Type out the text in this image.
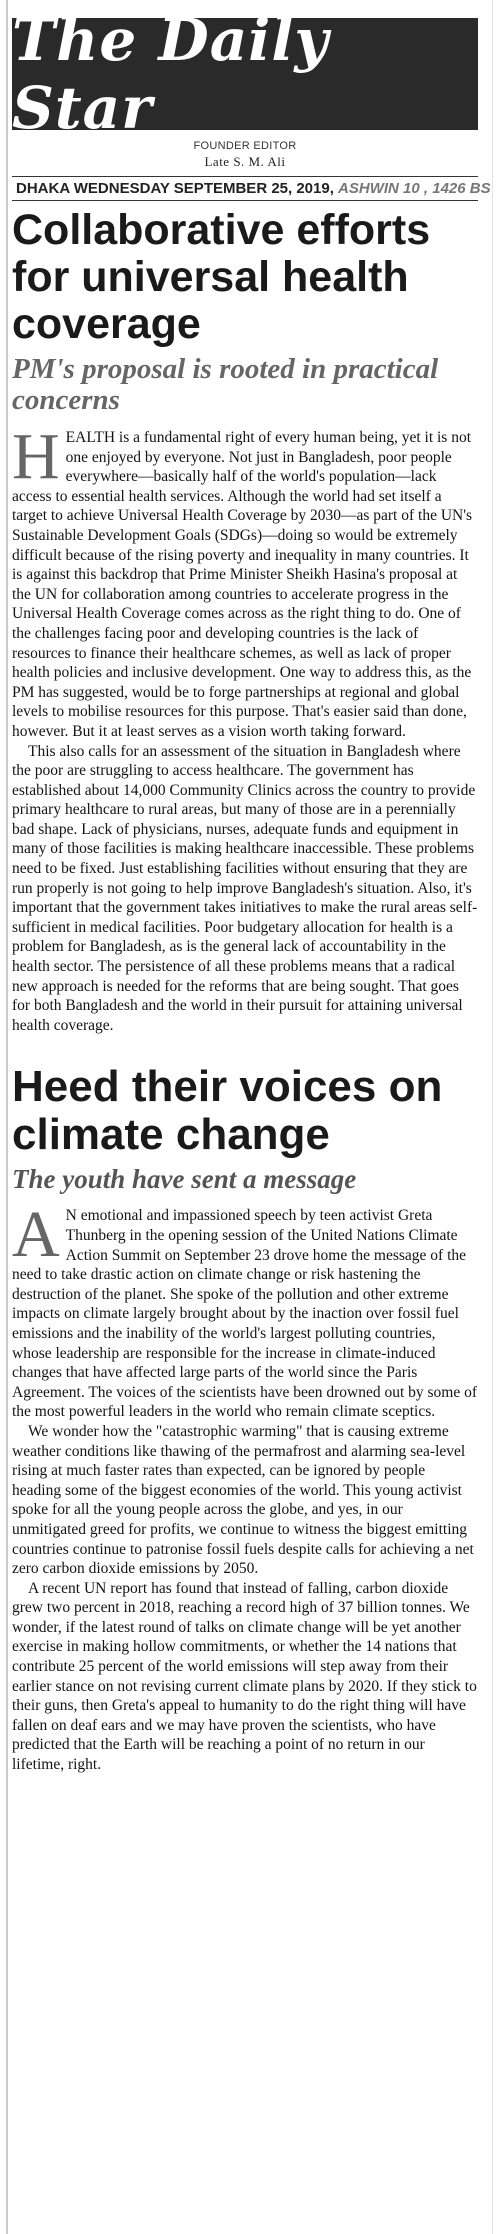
The Daily Star
FOUNDER EDITOR
Late S. M. Ali
DHAKA WEDNESDAY SEPTEMBER 25, 2019, ASHWIN 10 , 1426 BS
Collaborative efforts for universal health coverage
PM's proposal is rooted in practical concerns

HEALTH is a fundamental right of every human being, yet it is not one enjoyed by everyone. Not just in Bangladesh, poor people everywhere—basically half of the world's population—lack access to essential health services. Although the world had set itself a target to achieve Universal Health Coverage by 2030—as part of the UN's Sustainable Development Goals (SDGs)—doing so would be extremely difficult because of the rising poverty and inequality in many countries. It is against this backdrop that Prime Minister Sheikh Hasina's proposal at the UN for collaboration among countries to accelerate progress in the Universal Health Coverage comes across as the right thing to do. One of the challenges facing poor and developing countries is the lack of resources to finance their healthcare schemes, as well as lack of proper health policies and inclusive development. One way to address this, as the PM has suggested, would be to forge partnerships at regional and global levels to mobilise resources for this purpose. That's easier said than done, however. But it at least serves as a vision worth taking forward.

This also calls for an assessment of the situation in Bangladesh where the poor are struggling to access healthcare. The government has established about 14,000 Community Clinics across the country to provide primary healthcare to rural areas, but many of those are in a perennially bad shape. Lack of physicians, nurses, adequate funds and equipment in many of those facilities is making healthcare inaccessible. These problems need to be fixed. Just establishing facilities without ensuring that they are run properly is not going to help improve Bangladesh's situation. Also, it's important that the government takes initiatives to make the rural areas self-sufficient in medical facilities. Poor budgetary allocation for health is a problem for Bangladesh, as is the general lack of accountability in the health sector. The persistence of all these problems means that a radical new approach is needed for the reforms that are being sought. That goes for both Bangladesh and the world in their pursuit for attaining universal health coverage.

Heed their voices on climate change
The youth have sent a message

A N emotional and impassioned speech by teen activist Greta Thunberg in the opening session of the United Nations Climate Action Summit on September 23 drove home the message of the need to take drastic action on climate change or risk hastening the destruction of the planet. She spoke of the pollution and other extreme impacts on climate largely brought about by the inaction over fossil fuel emissions and the inability of the world's largest polluting countries, whose leadership are responsible for the increase in climate-induced changes that have affected large parts of the world since the Paris Agreement. The voices of the scientists have been drowned out by some of the most powerful leaders in the world who remain climate sceptics.

We wonder how the "catastrophic warming" that is causing extreme weather conditions like thawing of the permafrost and alarming sea-level rising at much faster rates than expected, can be ignored by people heading some of the biggest economies of the world. This young activist spoke for all the young people across the globe, and yes, in our unmitigated greed for profits, we continue to witness the biggest emitting countries continue to patronise fossil fuels despite calls for achieving a net zero carbon dioxide emissions by 2050.

A recent UN report has found that instead of falling, carbon dioxide grew two percent in 2018, reaching a record high of 37 billion tonnes. We wonder, if the latest round of talks on climate change will be yet another exercise in making hollow commitments, or whether the 14 nations that contribute 25 percent of the world emissions will step away from their earlier stance on not revising current climate plans by 2020. If they stick to their guns, then Greta's appeal to humanity to do the right thing will have fallen on deaf ears and we may have proven the scientists, who have predicted that the Earth will be reaching a point of no return in our lifetime, right.
